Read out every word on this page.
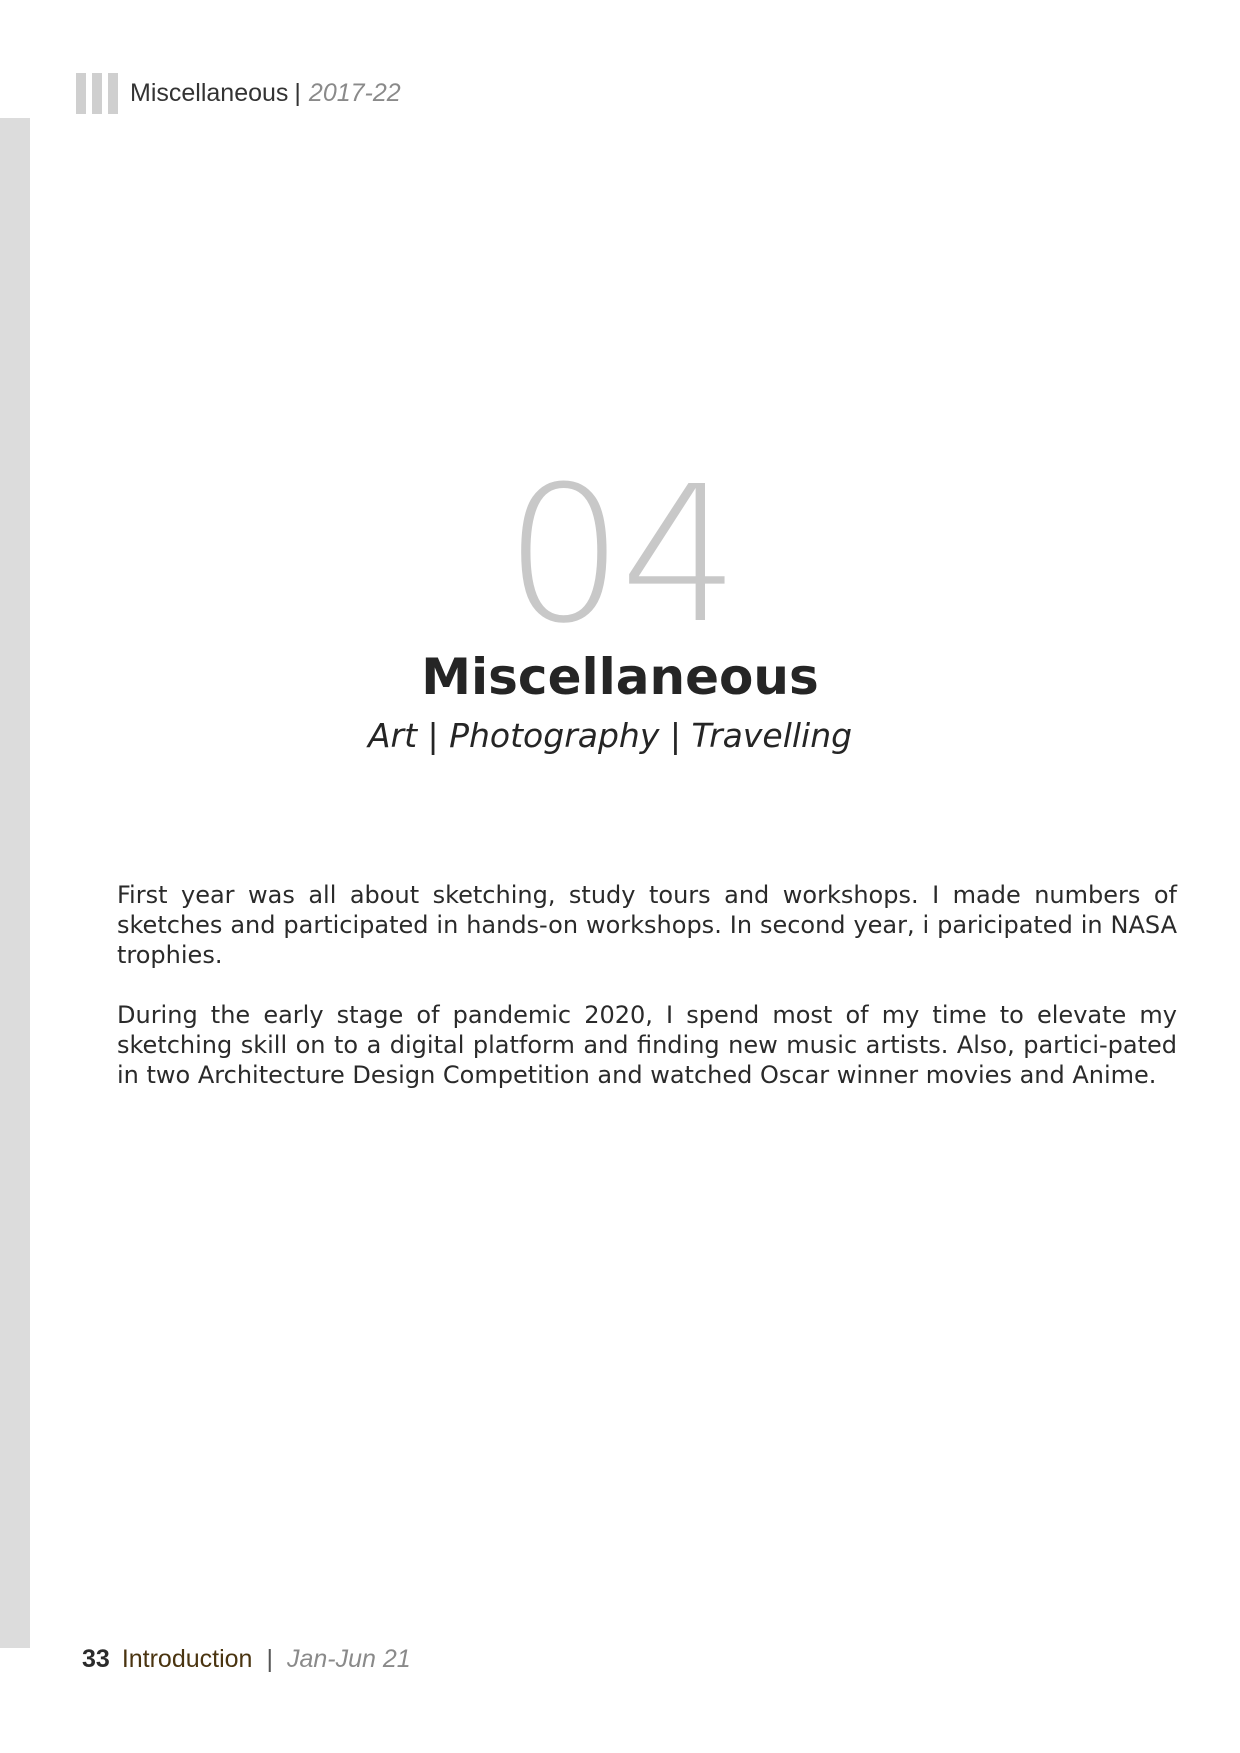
Miscellaneous | 2017-22
04
Miscellaneous
Art | Photography | Travelling

First year was all about sketching, study tours and workshops. I made numbers of sketches and participated in hands-on workshops. In second year, i paricipated in NASA trophies.

During the early stage of pandemic 2020, I spend most of my time to elevate my sketching skill on to a digital platform and finding new music artists. Also, partici-pated in two Architecture Design Competition and watched Oscar winner movies and Anime.

33 Introduction | Jan-Jun 21
